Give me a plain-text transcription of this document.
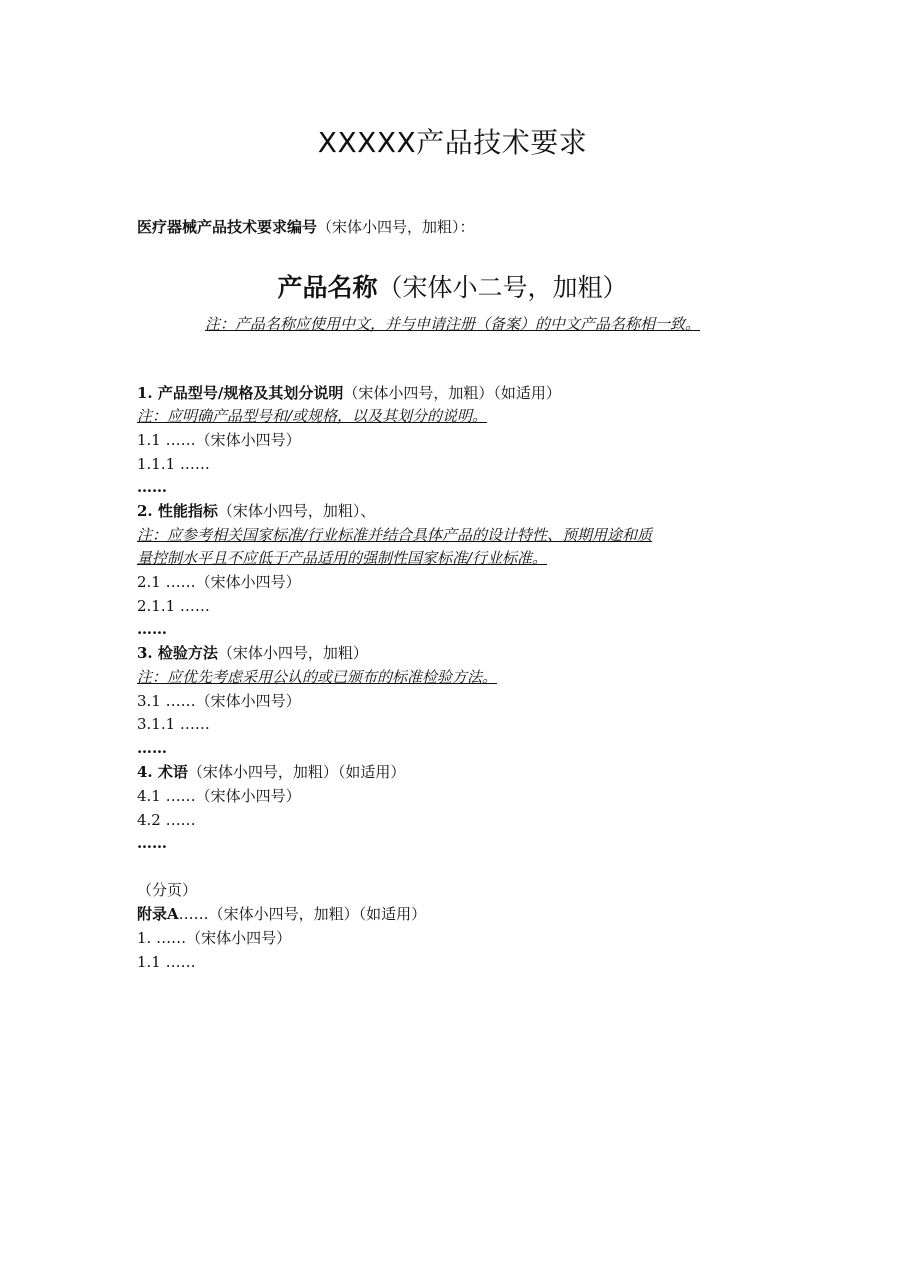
XXXXX产品技术要求
医疗器械产品技术要求编号（宋体小四号，加粗）：
产品名称（宋体小二号，加粗）
注：产品名称应使用中文，并与申请注册（备案）的中文产品名称相一致。
1. 产品型号/规格及其划分说明（宋体小四号，加粗）（如适用）
注：应明确产品型号和/或规格，以及其划分的说明。
1.1 ……（宋体小四号）
1.1.1 ……
……
2. 性能指标（宋体小四号，加粗）、
注：应参考相关国家标准/行业标准并结合具体产品的设计特性、预期用途和质
量控制水平且不应低于产品适用的强制性国家标准/行业标准。
2.1 ……（宋体小四号）
2.1.1 ……
……
3. 检验方法（宋体小四号，加粗）
注：应优先考虑采用公认的或已颁布的标准检验方法。
3.1 ……（宋体小四号）
3.1.1 ……
……
4. 术语（宋体小四号，加粗）（如适用）
4.1 ……（宋体小四号）
4.2 ……
……
（分页）
附录A……（宋体小四号，加粗）（如适用）
1. ……（宋体小四号）
1.1 ……
